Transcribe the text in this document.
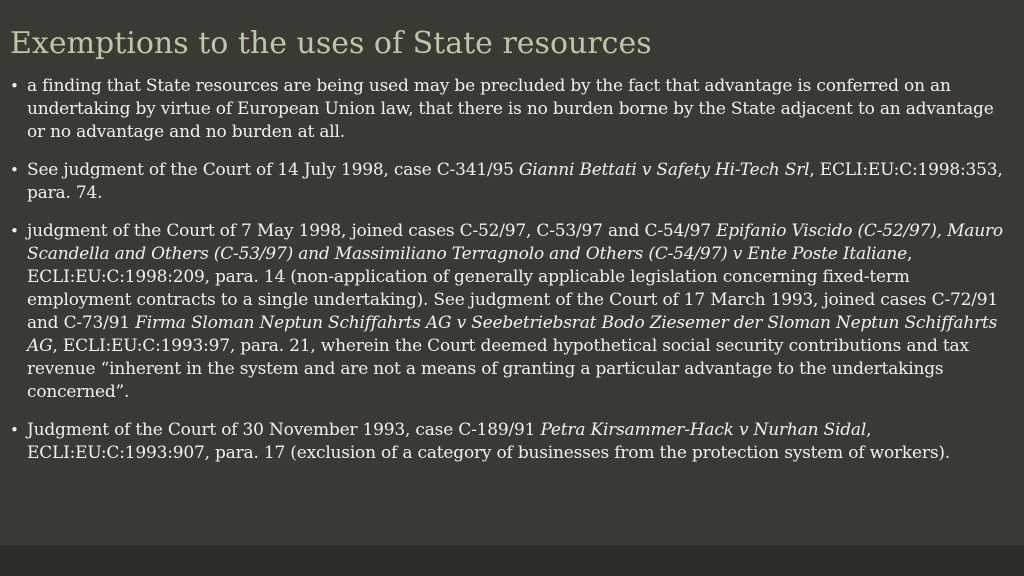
Exemptions to the uses of State resources
• a finding that State resources are being used may be precluded by the fact that advantage is conferred on an undertaking by virtue of European Union law, that there is no burden borne by the State adjacent to an advantage or no advantage and no burden at all.
• See judgment of the Court of 14 July 1998, case C-341/95 Gianni Bettati v Safety Hi-Tech Srl, ECLI:EU:C:1998:353, para. 74.
• judgment of the Court of 7 May 1998, joined cases C-52/97, C-53/97 and C-54/97 Epifanio Viscido (C-52/97), Mauro Scandella and Others (C-53/97) and Massimiliano Terragnolo and Others (C-54/97) v Ente Poste Italiane, ECLI:EU:C:1998:209, para. 14 (non-application of generally applicable legislation concerning fixed-term employment contracts to a single undertaking). See judgment of the Court of 17 March 1993, joined cases C-72/91 and C-73/91 Firma Sloman Neptun Schiffahrts AG v Seebetriebsrat Bodo Ziesemer der Sloman Neptun Schiffahrts AG, ECLI:EU:C:1993:97, para. 21, wherein the Court deemed hypothetical social security contributions and tax revenue “inherent in the system and are not a means of granting a particular advantage to the undertakings concerned”.
• Judgment of the Court of 30 November 1993, case C-189/91 Petra Kirsammer-Hack v Nurhan Sidal, ECLI:EU:C:1993:907, para. 17 (exclusion of a category of businesses from the protection system of workers).
